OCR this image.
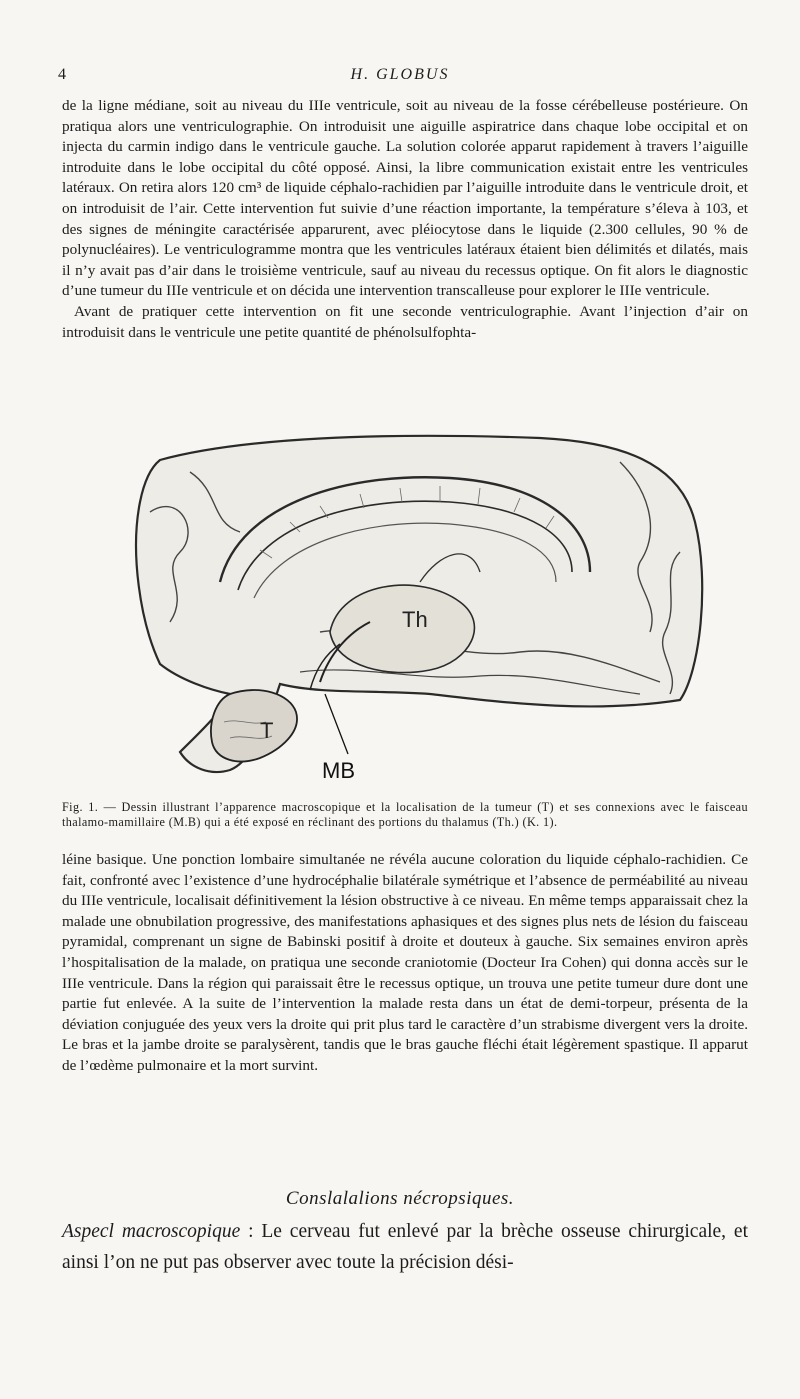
4	H. GLOBUS

de la ligne médiane, soit au niveau du IIIe ventricule, soit au niveau de la fosse cérébelleuse postérieure. On pratiqua alors une ventriculographie. On introduisit une aiguille aspiratrice dans chaque lobe occipital et on injecta du carmin indigo dans le ventricule gauche. La solution colorée apparut rapidement à travers l’aiguille introduite dans le lobe occipital du côté opposé. Ainsi, la libre communication existait entre les ventricules latéraux. On retira alors 120 cm³ de liquide céphalo-rachidien par l’aiguille introduite dans le ventricule droit, et on introduisit de l’air. Cette intervention fut suivie d’une réaction importante, la température s’éleva à 103, et des signes de méningite caractérisée apparurent, avec pléiocytose dans le liquide (2.300 cellules, 90 % de polynucléaires). Le ventriculogramme montra que les ventricules latéraux étaient bien délimités et dilatés, mais il n’y avait pas d’air dans le troisième ventricule, sauf au niveau du recessus optique. On fit alors le diagnostic d’une tumeur du IIIe ventricule et on décida une intervention transcalleuse pour explorer le IIIe ventricule.

Avant de pratiquer cette intervention on fit une seconde ventriculographie. Avant l’injection d’air on introduisit dans le ventricule une petite quantité de phénolsulfophta-

Th
T
MB
Fig. 1. — Dessin illustrant l’apparence macroscopique et la localisation de la tumeur (T) et ses connexions avec le faisceau thalamo-mamillaire (M.B) qui a été exposé en réclinant des portions du thalamus (Th.) (K. 1).

léine basique. Une ponction lombaire simultanée ne révéla aucune coloration du liquide céphalo-rachidien. Ce fait, confronté avec l’existence d’une hydrocéphalie bilatérale symétrique et l’absence de perméabilité au niveau du IIIe ventricule, localisait définitivement la lésion obstructive à ce niveau. En même temps apparaissait chez la malade une obnubilation progressive, des manifestations aphasiques et des signes plus nets de lésion du faisceau pyramidal, comprenant un signe de Babinski positif à droite et douteux à gauche. Six semaines environ après l’hospitalisation de la malade, on pratiqua une seconde craniotomie (Docteur Ira Cohen) qui donna accès sur le IIIe ventricule. Dans la région qui paraissait être le recessus optique, un trouva une petite tumeur dure dont une partie fut enlevée. A la suite de l’intervention la malade resta dans un état de demi-torpeur, présenta de la déviation conjuguée des yeux vers la droite qui prit plus tard le caractère d’un strabisme divergent vers la droite. Le bras et la jambe droite se paralysèrent, tandis que le bras gauche fléchi était légèrement spastique. Il apparut de l’œdème pulmonaire et la mort survint.

Conslalalions nécropsiques.
Aspecl macroscopique : Le cerveau fut enlevé par la brèche osseuse chirurgicale, et ainsi l’on ne put pas observer avec toute la précision dési-
